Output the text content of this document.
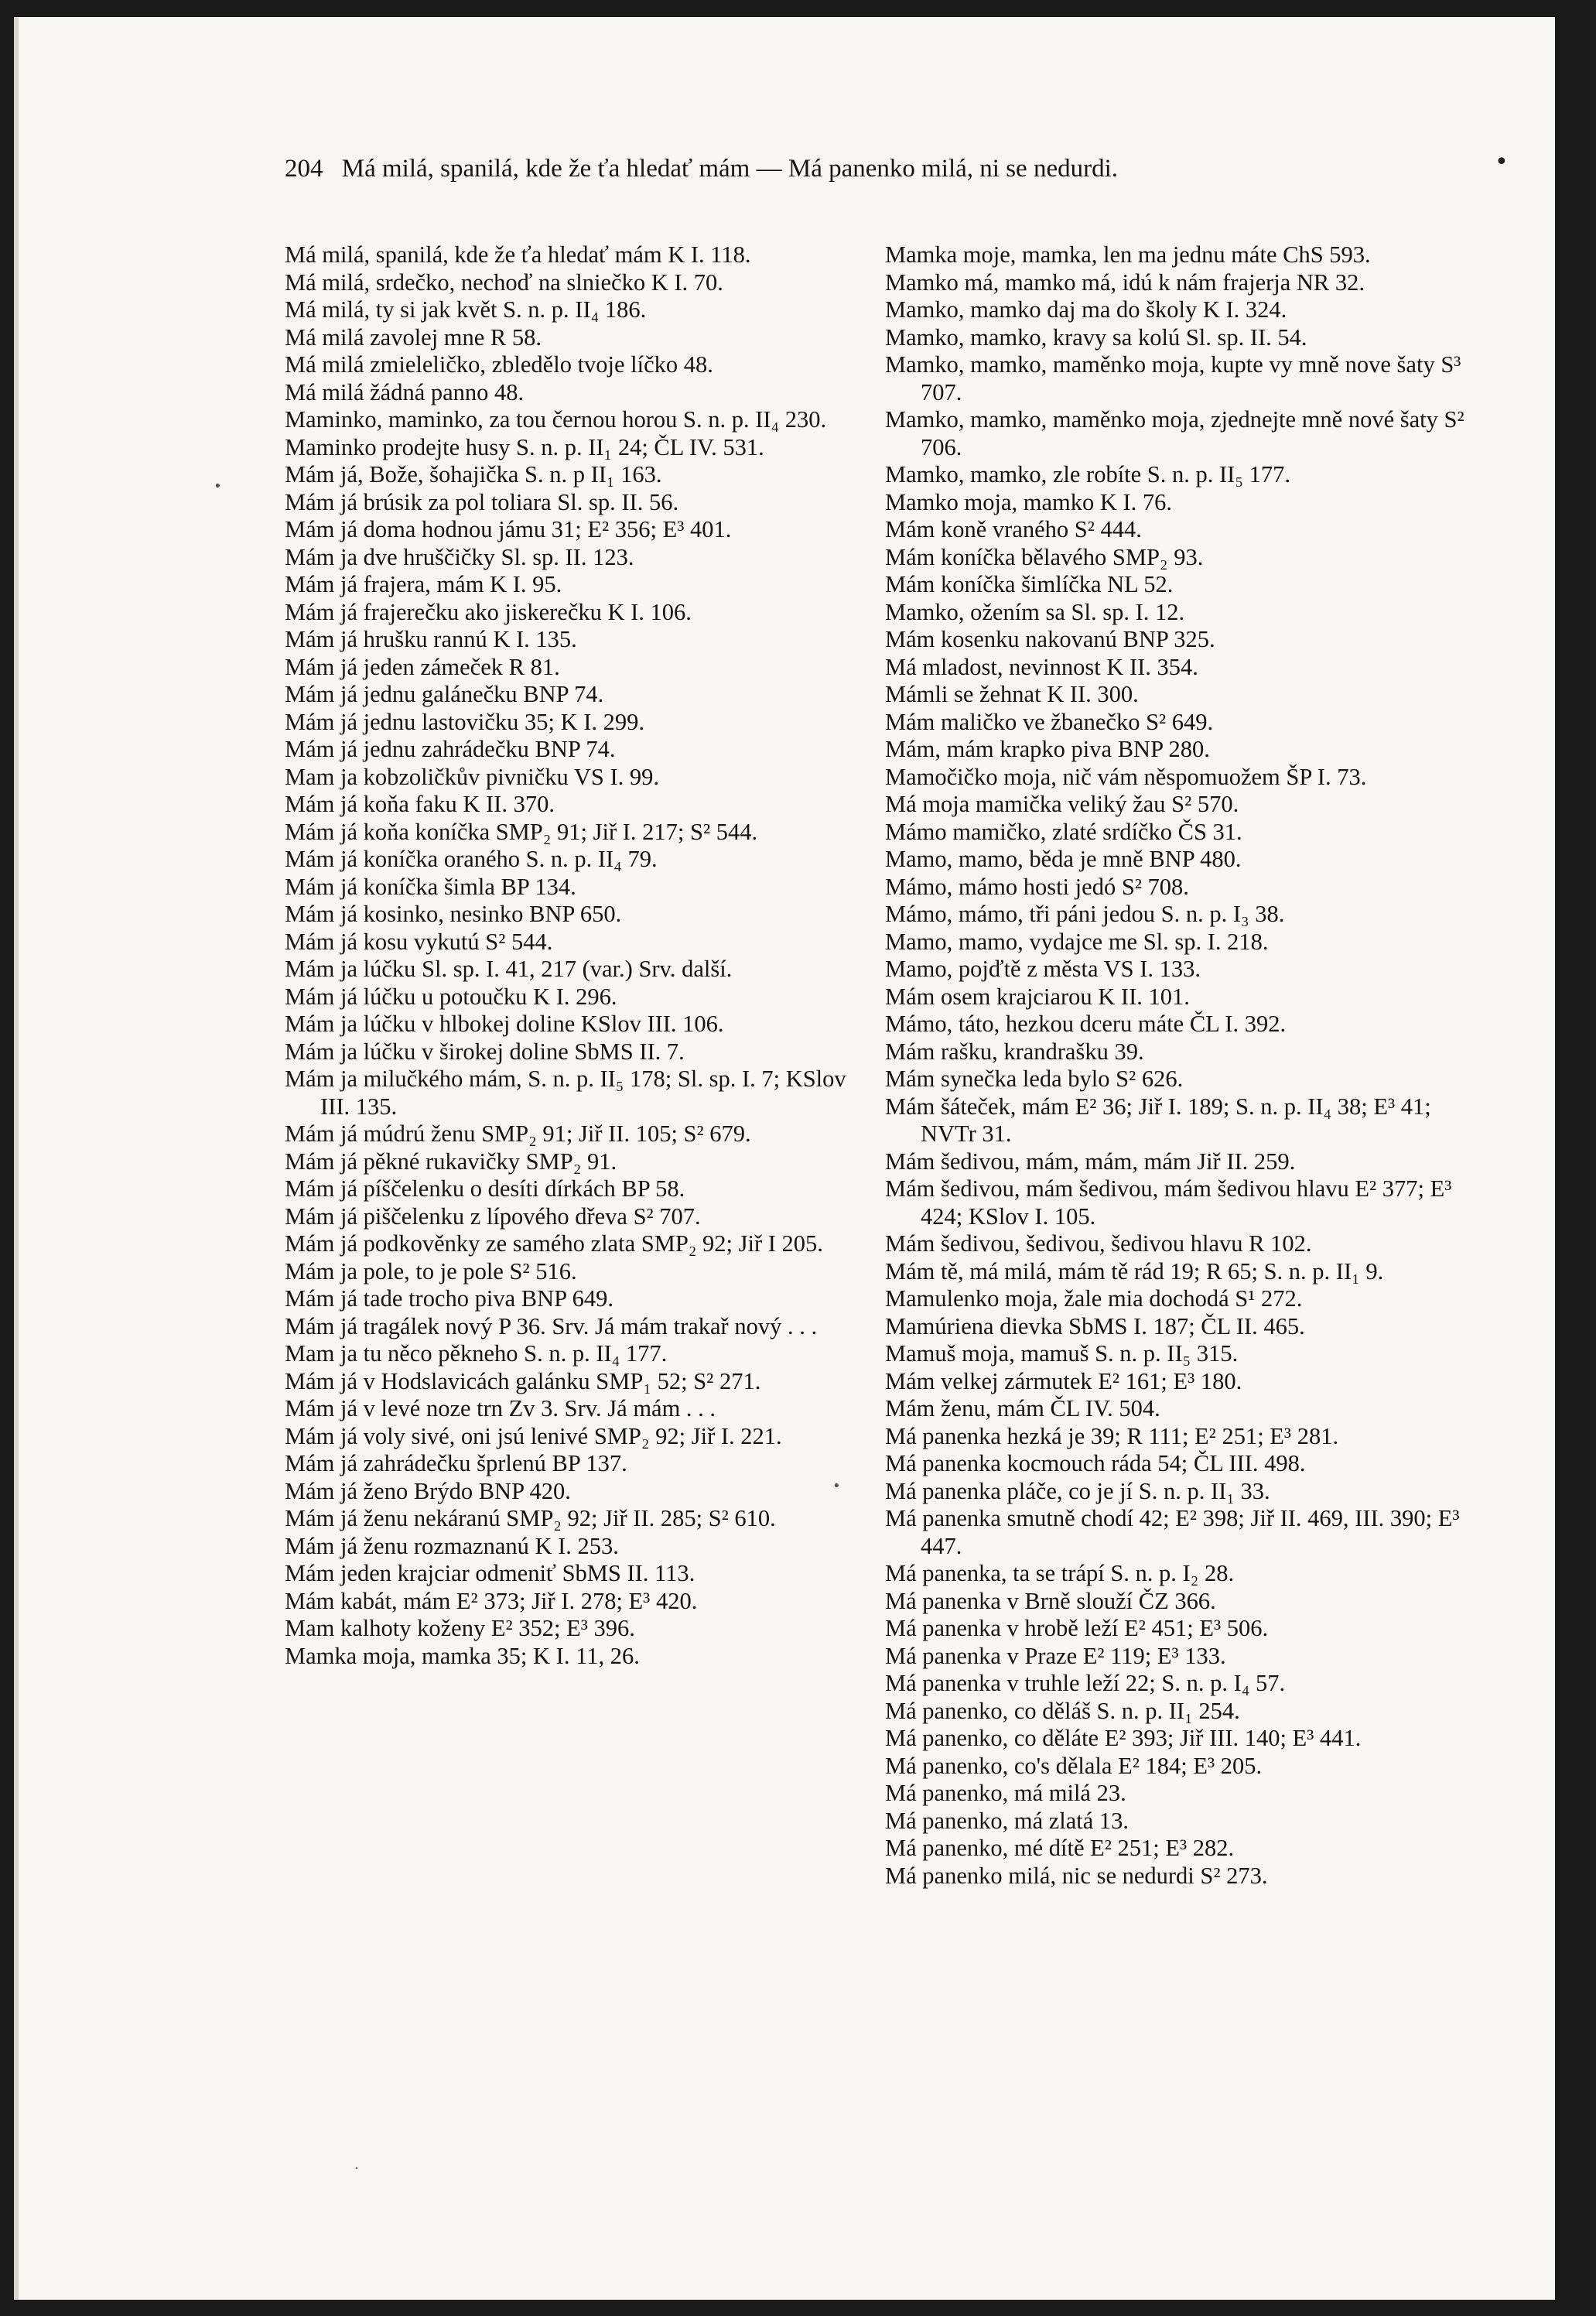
204 Má milá, spanilá, kde že ťa hledať mám — Má panenko milá, ni se nedurdi.	•

Má milá, spanilá, kde že ťa hledať mám K I. 118.

Má milá, srdečko, nechoď na slniečko K I. 70.

Má milá, ty si jak květ S. n. p. II₄ 186.

Má milá zavolej mne R 58.

Má milá zmieleličko, zbledělo tvoje líčko 48.

Má milá žádná panno 48.

Maminko, maminko, za tou černou horou S. n. p. II₄ 230.

Maminko prodejte husy S. n. p. II₁ 24; ČL IV. 531.

Mám já, Bože, šohajička S. n. p II₁ 163.

Mám já brúsik za pol toliara Sl. sp. II. 56.

Mám já doma hodnou jámu 31; E² 356; E³ 401.

Mám ja dve hruščičky Sl. sp. II. 123.

Mám já frajera, mám K I. 95.

Mám já frajerečku ako jiskerečku K I. 106.

Mám já hrušku rannú K I. 135.

Mám já jeden zámeček R 81.

Mám já jednu galánečku BNP 74.

Mám já jednu lastovičku 35; K I. 299.

Mám já jednu zahrádečku BNP 74.

Mam ja kobzoličkův pivničku VS I. 99.

Mám já koňa faku K II. 370.

Mám já koňa koníčka SMP₂ 91; Jiř I. 217; S² 544.

Mám já koníčka oraného S. n. p. II₄ 79.

Mám já koníčka šimla BP 134.

Mám já kosinko, nesinko BNP 650.

Mám já kosu vykutú S² 544.

Mám ja lúčku Sl. sp. I. 41, 217 (var.) Srv. další.

Mám já lúčku u potoučku K I. 296.

Mám ja lúčku v hlbokej doline KSlov III. 106.

Mám ja lúčku v širokej doline SbMS II. 7.

Mám ja milučkého mám, S. n. p. II₅ 178; Sl. sp. I. 7; KSlov III. 135.

Mám já múdrú ženu SMP₂ 91; Jiř II. 105; S² 679.

Mám já pěkné rukavičky SMP₂ 91.

Mám já píščelenku o desíti dírkách BP 58.

Mám já piščelenku z lípového dřeva S² 707.

Mám já podkověnky ze samého zlata SMP₂ 92; Jiř I 205.

Mám ja pole, to je pole S² 516.

Mám já tade trocho piva BNP 649.

Mám já tragálek nový P 36. Srv. Já mám trakař nový . . .

Mam ja tu něco pěkneho S. n. p. II₄ 177.

Mám já v Hodslavicách galánku SMP₁ 52; S² 271.

Mám já v levé noze trn Zv 3. Srv. Já mám . . .

Mám já voly sivé, oni jsú lenivé SMP₂ 92; Jiř I. 221.

Mám já zahrádečku šprlenú BP 137.

Mám já ženo Brýdo BNP 420.

Mám já ženu nekáranú SMP₂ 92; Jiř II. 285; S² 610.

Mám já ženu rozmaznanú K I. 253.

Mám jeden krajciar odmeniť SbMS II. 113.

Mám kabát, mám E² 373; Jiř I. 278; E³ 420.

Mam kalhoty koženy E² 352; E³ 396.

Mamka moja, mamka 35; K I. 11, 26.

Mamka moje, mamka, len ma jednu máte ChS 593.

Mamko má, mamko má, idú k nám frajerja NR 32.

Mamko, mamko daj ma do školy K I. 324.

Mamko, mamko, kravy sa kolú Sl. sp. II. 54.

Mamko, mamko, maměnko moja, kupte vy mně nove šaty S³ 707.

Mamko, mamko, maměnko moja, zjednejte mně nové šaty S² 706.

Mamko, mamko, zle robíte S. n. p. II₅ 177.

Mamko moja, mamko K I. 76.

Mám koně vraného S² 444.

Mám koníčka bělavého SMP₂ 93.

Mám koníčka šimlíčka NL 52.

Mamko, ožením sa Sl. sp. I. 12.

Mám kosenku nakovanú BNP 325.

Má mladost, nevinnost K II. 354.

Mámli se žehnat K II. 300.

Mám maličko ve žbanečko S² 649.

Mám, mám krapko piva BNP 280.

Mamočičko moja, nič vám něspomuožem ŠP I. 73.

Má moja mamička veliký žau S² 570.

Mámo mamičko, zlaté srdíčko ČS 31.

Mamo, mamo, běda je mně BNP 480.

Mámo, mámo hosti jedó S² 708.

Mámo, mámo, tři páni jedou S. n. p. I₃ 38.

Mamo, mamo, vydajce me Sl. sp. I. 218.

Mamo, pojďtě z města VS I. 133.

Mám osem krajciarou K II. 101.

Mámo, táto, hezkou dceru máte ČL I. 392.

Mám rašku, krandrašku 39.

Mám synečka leda bylo S² 626.

Mám šáteček, mám E² 36; Jiř I. 189; S. n. p. II₄ 38; E³ 41; NVTr 31.

Mám šedivou, mám, mám, mám Jiř II. 259.

Mám šedivou, mám šedivou, mám šedivou hlavu E² 377; E³ 424; KSlov I. 105.

Mám šedivou, šedivou, šedivou hlavu R 102.

Mám tě, má milá, mám tě rád 19; R 65; S. n. p. II₁ 9.

Mamulenko moja, žale mia dochodá S¹ 272.

Mamúriena dievka SbMS I. 187; ČL II. 465.

Mamuš moja, mamuš S. n. p. II₅ 315.

Mám velkej zármutek E² 161; E³ 180.

Mám ženu, mám ČL IV. 504.

Má panenka hezká je 39; R 111; E² 251; E³ 281.

Má panenka kocmouch ráda 54; ČL III. 498.

Má panenka pláče, co je jí S. n. p. II₁ 33.

Má panenka smutně chodí 42; E² 398; Jiř II. 469, III. 390; E³ 447.

Má panenka, ta se trápí S. n. p. I₂ 28.

Má panenka v Brně slouží ČZ 366.

Má panenka v hrobě leží E² 451; E³ 506.

Má panenka v Praze E² 119; E³ 133.

Má panenka v truhle leží 22; S. n. p. I₄ 57.

Má panenko, co děláš S. n. p. II₁ 254.

Má panenko, co děláte E² 393; Jiř III. 140; E³ 441.

Má panenko, co's dělala E² 184; E³ 205.

Má panenko, má milá 23.

Má panenko, má zlatá 13.

Má panenko, mé dítě E² 251; E³ 282.

Má panenko milá, nic se nedurdi S² 273.

•
•
·
